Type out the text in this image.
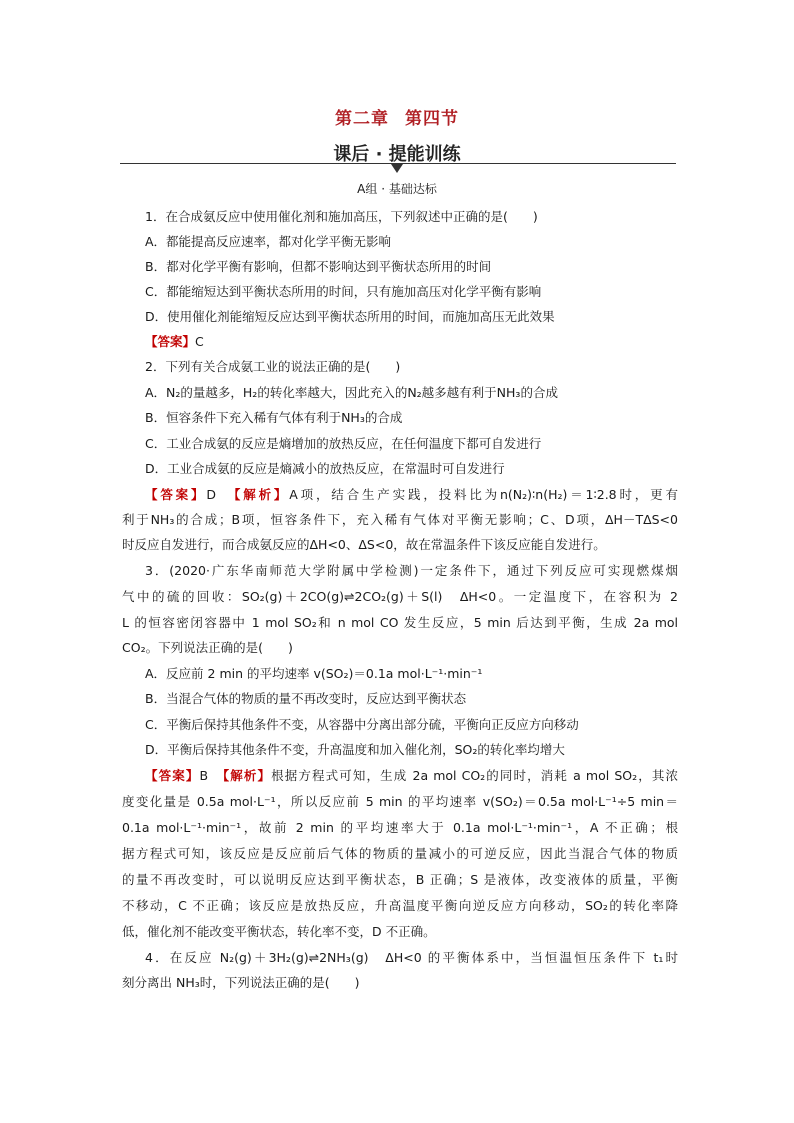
第二章 第四节
课后 · 提能训练
A组 · 基础达标
1．在合成氨反应中使用催化剂和施加高压，下列叙述中正确的是(　　)
A．都能提高反应速率，都对化学平衡无影响
B．都对化学平衡有影响，但都不影响达到平衡状态所用的时间
C．都能缩短达到平衡状态所用的时间，只有施加高压对化学平衡有影响
D．使用催化剂能缩短反应达到平衡状态所用的时间，而施加高压无此效果
【答案】C
2．下列有关合成氨工业的说法正确的是(　　)
A．N₂的量越多，H₂的转化率越大，因此充入的N₂越多越有利于NH₃的合成
B．恒容条件下充入稀有气体有利于NH₃的合成
C．工业合成氨的反应是熵增加的放热反应，在任何温度下都可自发进行
D．工业合成氨的反应是熵减小的放热反应，在常温时可自发进行
【答案】D　 【解析】A项，结合生产实践，投料比为n(N₂)∶n(H₂)＝1∶2.8时，更有
利于NH₃的合成；B项，恒容条件下，充入稀有气体对平衡无影响；C、D项，ΔH－TΔS<0
时反应自发进行，而合成氨反应的ΔH<0、ΔS<0，故在常温条件下该反应能自发进行。
3．(2020·广东华南师范大学附属中学检测)一定条件下，通过下列反应可实现燃煤烟
气中的硫的回收：SO₂(g)＋2CO(g)⇌2CO₂(g)＋S(l)　ΔH<0。一定温度下，在容积为 2
L 的恒容密闭容器中 1 mol SO₂和 n mol CO 发生反应，5 min 后达到平衡，生成 2a mol
CO₂。下列说法正确的是(　　)
A．反应前 2 min 的平均速率 v(SO₂)＝0.1a mol·L⁻¹·min⁻¹
B．当混合气体的物质的量不再改变时，反应达到平衡状态
C．平衡后保持其他条件不变，从容器中分离出部分硫，平衡向正反应方向移动
D．平衡后保持其他条件不变，升高温度和加入催化剂，SO₂的转化率均增大
【答案】B　 【解析】根据方程式可知，生成 2a mol CO₂的同时，消耗 a mol SO₂，其浓
度变化量是 0.5a mol·L⁻¹，所以反应前 5 min 的平均速率 v(SO₂)＝0.5a mol·L⁻¹÷5 min＝
0.1a mol·L⁻¹·min⁻¹，故前 2 min 的平均速率大于 0.1a mol·L⁻¹·min⁻¹，A 不正确；根
据方程式可知，该反应是反应前后气体的物质的量减小的可逆反应，因此当混合气体的物质
的量不再改变时，可以说明反应达到平衡状态，B 正确；S 是液体，改变液体的质量，平衡
不移动，C 不正确；该反应是放热反应，升高温度平衡向逆反应方向移动，SO₂的转化率降
低，催化剂不能改变平衡状态，转化率不变，D 不正确。
4．在反应 N₂(g)＋3H₂(g)⇌2NH₃(g)　ΔH<0 的平衡体系中，当恒温恒压条件下 t₁时
刻分离出 NH₃时，下列说法正确的是(　　)
